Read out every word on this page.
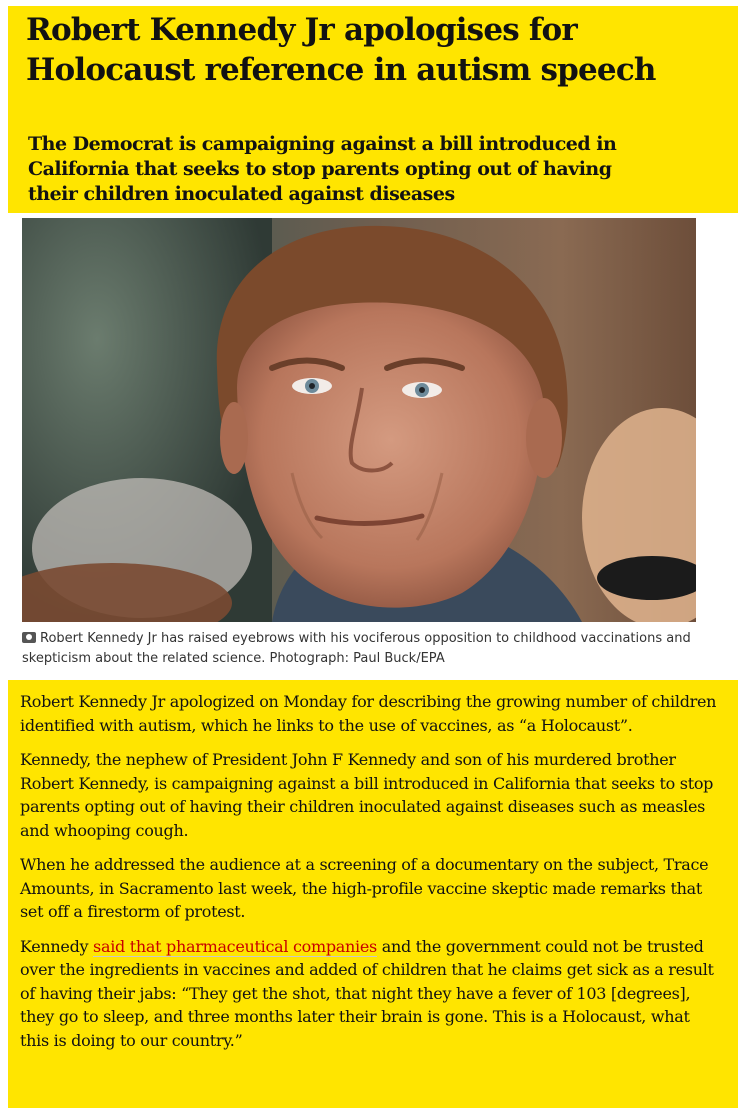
Robert Kennedy Jr apologises for Holocaust reference in autism speech

The Democrat is campaigning against a bill introduced in California that seeks to stop parents opting out of having their children inoculated against diseases

Robert Kennedy Jr has raised eyebrows with his vociferous opposition to childhood vaccinations and skepticism about the related science. Photograph: Paul Buck/EPA

Robert Kennedy Jr apologized on Monday for describing the growing number of children identified with autism, which he links to the use of vaccines, as “a Holocaust”.

Kennedy, the nephew of President John F Kennedy and son of his murdered brother Robert Kennedy, is campaigning against a bill introduced in California that seeks to stop parents opting out of having their children inoculated against diseases such as measles and whooping cough.

When he addressed the audience at a screening of a documentary on the subject, Trace Amounts, in Sacramento last week, the high-profile vaccine skeptic made remarks that set off a firestorm of protest.

Kennedy said that pharmaceutical companies and the government could not be trusted over the ingredients in vaccines and added of children that he claims get sick as a result of having their jabs: “They get the shot, that night they have a fever of 103 [degrees], they go to sleep, and three months later their brain is gone. This is a Holocaust, what this is doing to our country.”
